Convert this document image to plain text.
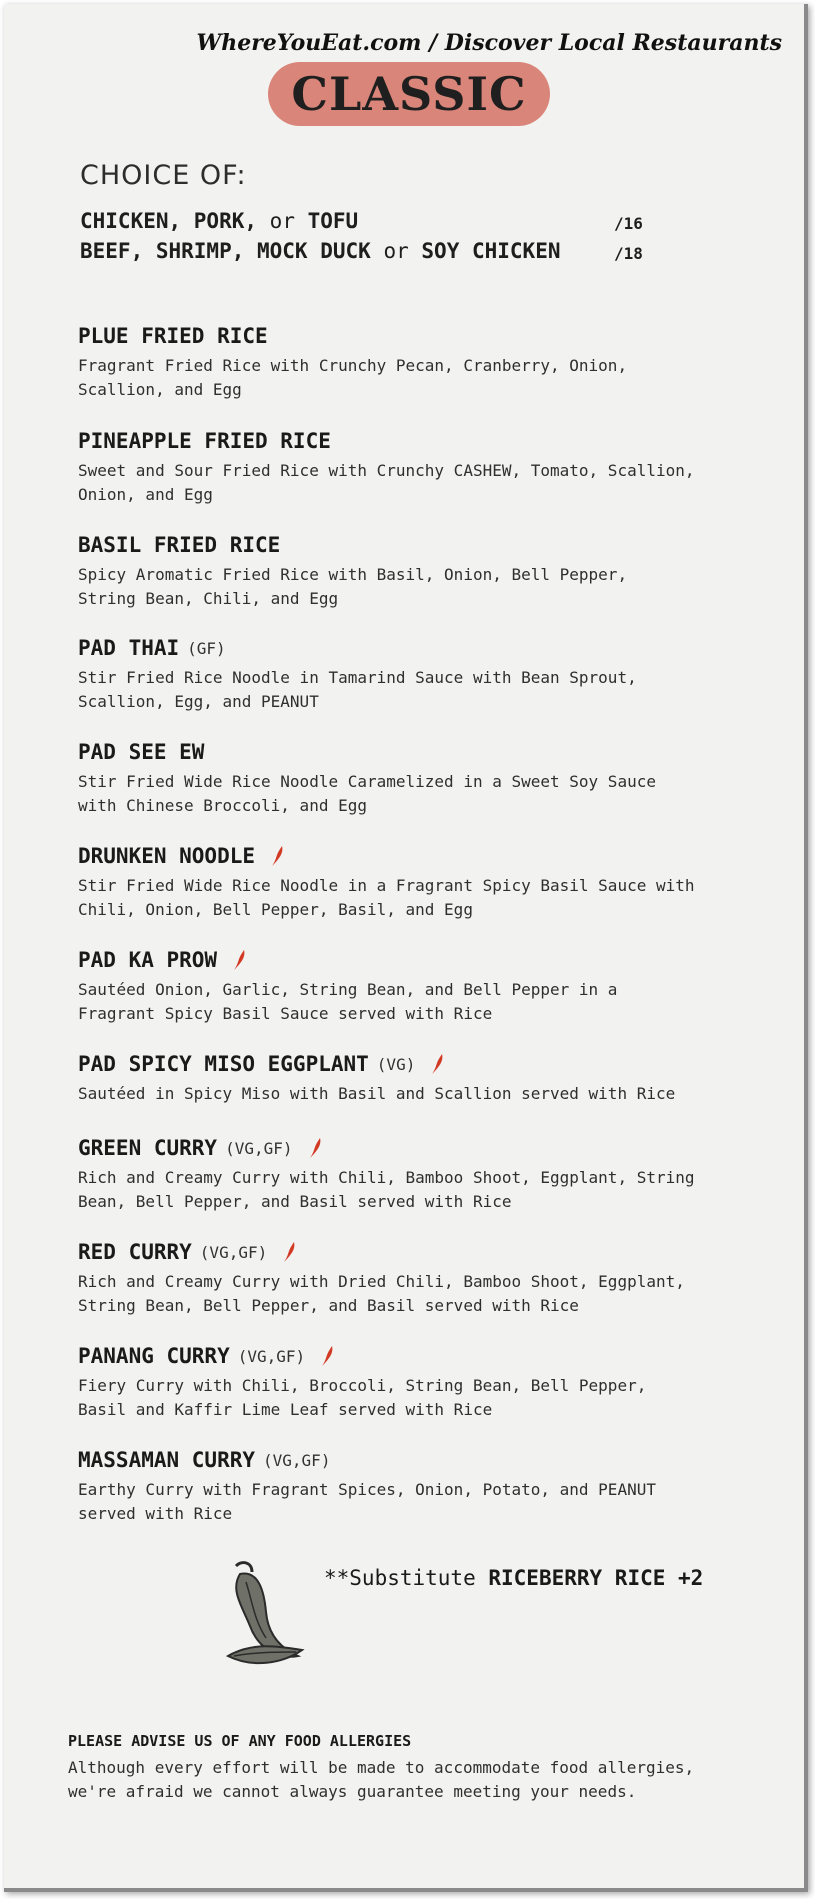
WhereYouEat.com / Discover Local Restaurants
CLASSIC
CHOICE OF:
CHICKEN, PORK, or TOFU	/16
BEEF, SHRIMP, MOCK DUCK or SOY CHICKEN	/18
PLUE FRIED RICE
Fragrant Fried Rice with Crunchy Pecan, Cranberry, Onion,
Scallion, and Egg
PINEAPPLE FRIED RICE
Sweet and Sour Fried Rice with Crunchy CASHEW, Tomato, Scallion,
Onion, and Egg
BASIL FRIED RICE
Spicy Aromatic Fried Rice with Basil, Onion, Bell Pepper,
String Bean, Chili, and Egg
PAD THAI (GF)
Stir Fried Rice Noodle in Tamarind Sauce with Bean Sprout,
Scallion, Egg, and PEANUT
PAD SEE EW
Stir Fried Wide Rice Noodle Caramelized in a Sweet Soy Sauce
with Chinese Broccoli, and Egg
DRUNKEN NOODLE
Stir Fried Wide Rice Noodle in a Fragrant Spicy Basil Sauce with
Chili, Onion, Bell Pepper, Basil, and Egg
PAD KA PROW
Sautéed Onion, Garlic, String Bean, and Bell Pepper in a
Fragrant Spicy Basil Sauce served with Rice
PAD SPICY MISO EGGPLANT (VG)
Sautéed in Spicy Miso with Basil and Scallion served with Rice
GREEN CURRY (VG,GF)
Rich and Creamy Curry with Chili, Bamboo Shoot, Eggplant, String
Bean, Bell Pepper, and Basil served with Rice
RED CURRY (VG,GF)
Rich and Creamy Curry with Dried Chili, Bamboo Shoot, Eggplant,
String Bean, Bell Pepper, and Basil served with Rice
PANANG CURRY (VG,GF)
Fiery Curry with Chili, Broccoli, String Bean, Bell Pepper,
Basil and Kaffir Lime Leaf served with Rice
MASSAMAN CURRY (VG,GF)
Earthy Curry with Fragrant Spices, Onion, Potato, and PEANUT
served with Rice
**Substitute RICEBERRY RICE +2
PLEASE ADVISE US OF ANY FOOD ALLERGIES
Although every effort will be made to accommodate food allergies,
we're afraid we cannot always guarantee meeting your needs.
